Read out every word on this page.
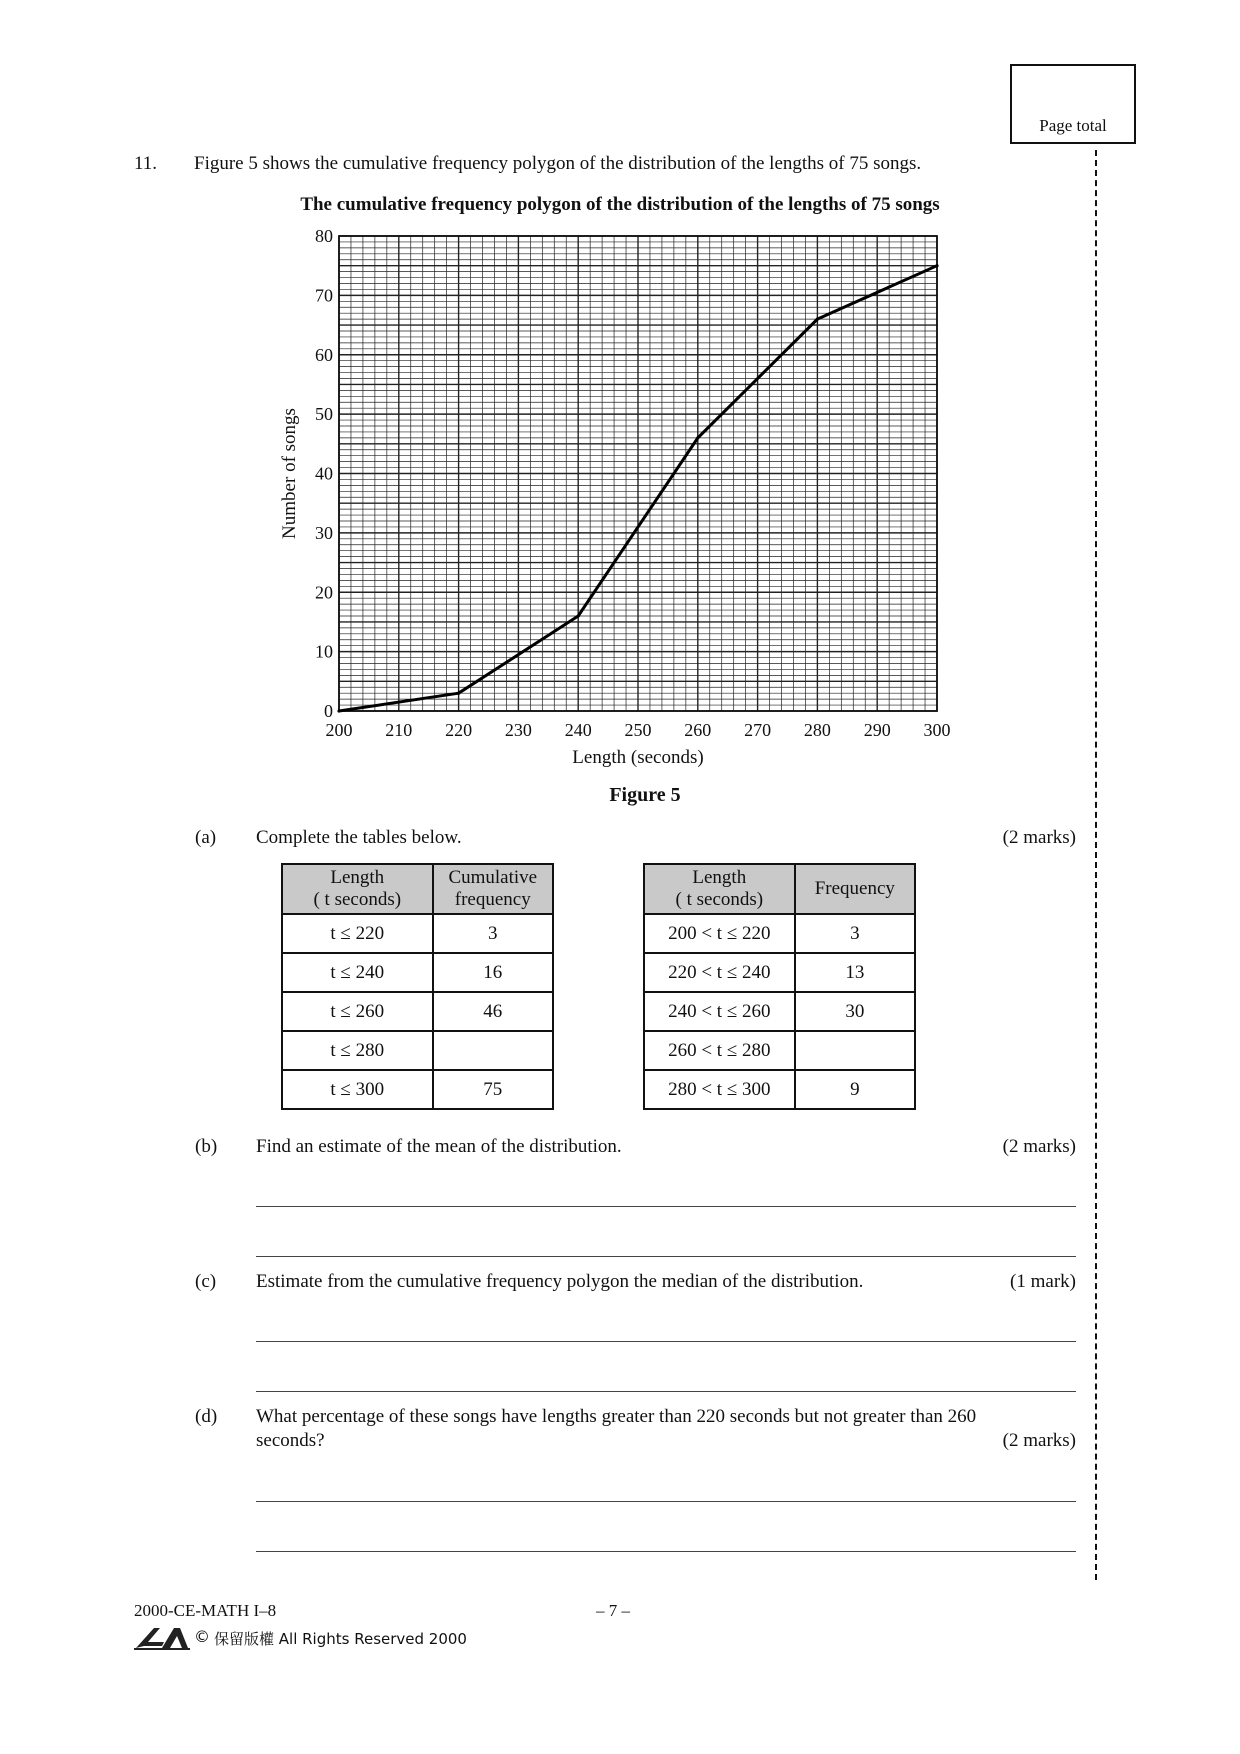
Page total
11. Figure 5 shows the cumulative frequency polygon of the distribution of the lengths of 75 songs.
The cumulative frequency polygon of the distribution of the lengths of 75 songs
200 210 220 230 240 250 260 270 280 290 300
0
10
20
30
40
50
60
70
80
Length (seconds)
Number of songs
Figure 5
(a) Complete the tables below.	(2 marks)
Length
( t seconds)	Cumulative
frequency
t ≤ 220	3
t ≤ 240	16
t ≤ 260	46
t ≤ 280	
t ≤ 300	75
Length
( t seconds)	Frequency
200 < t ≤ 220	3
220 < t ≤ 240	13
240 < t ≤ 260	30
260 < t ≤ 280	
280 < t ≤ 300	9
(b) Find an estimate of the mean of the distribution.	(2 marks)
(c) Estimate from the cumulative frequency polygon the median of the distribution.	(1 mark)
(d) What percentage of these songs have lengths greater than 220 seconds but not greater than 260
seconds?	(2 marks)
2000-CE-MATH I–8	– 7 –
© 保留版權 All Rights Reserved 2000
